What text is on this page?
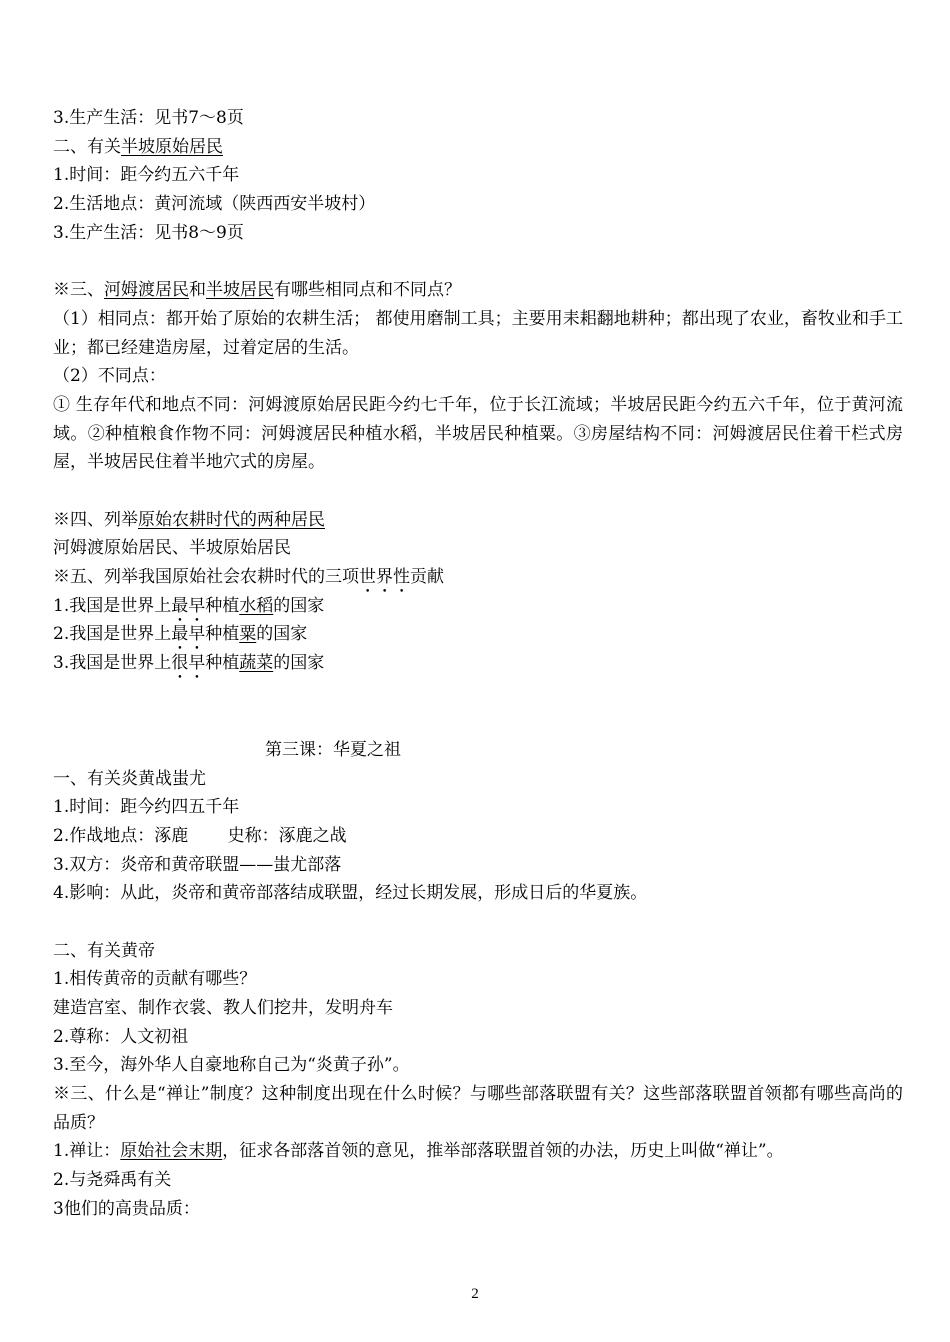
3.生产生活：见书7～8页
二、有关半坡原始居民
1.时间：距今约五六千年
2.生活地点：黄河流域（陕西西安半坡村）
3.生产生活：见书8～9页
※三、河姆渡居民和半坡居民有哪些相同点和不同点？
（1）相同点：都开始了原始的农耕生活； 都使用磨制工具；主要用耒耜翻地耕种；都出现了农业，畜牧业和手工业；都已经建造房屋，过着定居的生活。
（2）不同点：
① 生存年代和地点不同：河姆渡原始居民距今约七千年，位于长江流域；半坡居民距今约五六千年，位于黄河流域。②种植粮食作物不同：河姆渡居民种植水稻，半坡居民种植粟。③房屋结构不同：河姆渡居民住着干栏式房屋，半坡居民住着半地穴式的房屋。
※四、列举原始农耕时代的两种居民
河姆渡原始居民、半坡原始居民
※五、列举我国原始社会农耕时代的三项世界性贡献
1.我国是世界上最早种植水稻的国家
2.我国是世界上最早种植粟的国家
3.我国是世界上很早种植蔬菜的国家
第三课：华夏之祖
一、有关炎黄战蚩尤
1.时间：距今约四五千年
2.作战地点：涿鹿　　 史称：涿鹿之战
3.双方：炎帝和黄帝联盟——蚩尤部落
4.影响：从此，炎帝和黄帝部落结成联盟，经过长期发展，形成日后的华夏族。
二、有关黄帝
1.相传黄帝的贡献有哪些？
建造宫室、制作衣裳、教人们挖井，发明舟车
2.尊称：人文初祖
3.至今，海外华人自豪地称自己为“炎黄子孙”。
※三、什么是“禅让”制度？这种制度出现在什么时候？与哪些部落联盟有关？这些部落联盟首领都有哪些高尚的品质？
1.禅让：原始社会末期，征求各部落首领的意见，推举部落联盟首领的办法，历史上叫做“禅让”。
2.与尧舜禹有关
3他们的高贵品质：
2
